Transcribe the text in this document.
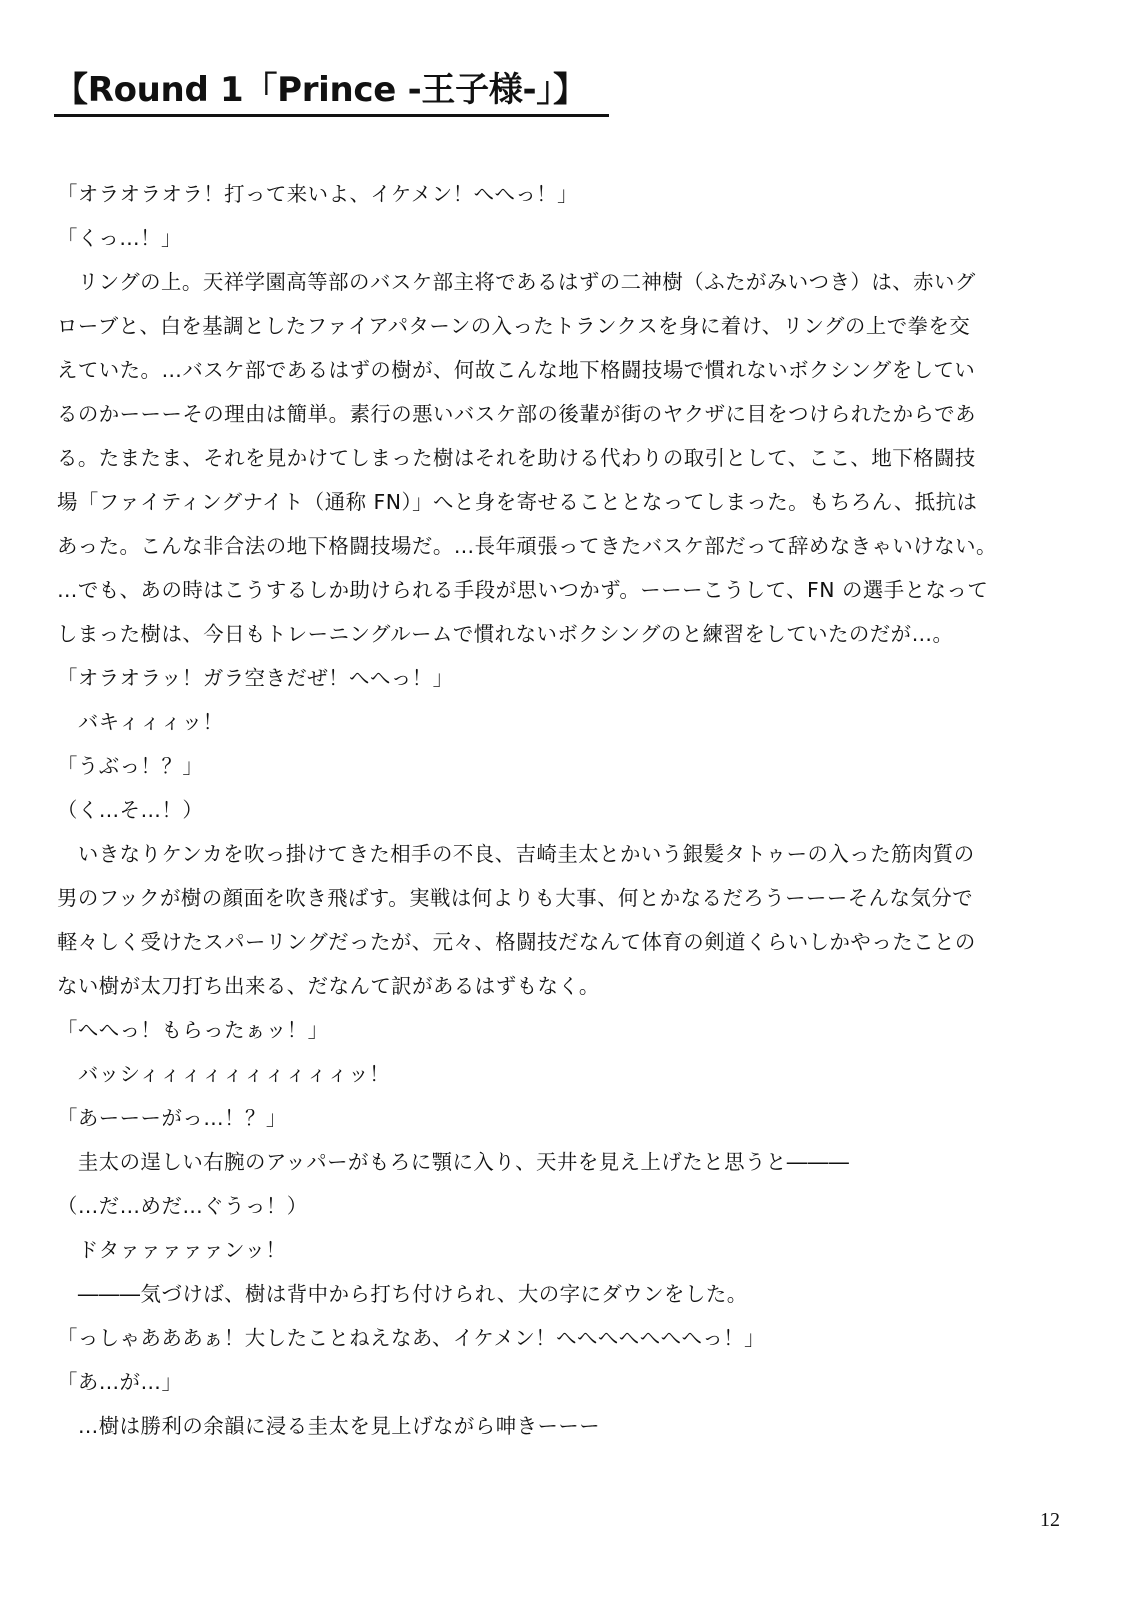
【Round 1「Prince -王子様-」】
「オラオラオラ！打って来いよ、イケメン！へへっ！」
「くっ…！」
　リングの上。天祥学園高等部のバスケ部主将であるはずの二神樹（ふたがみいつき）は、赤いグ
ローブと、白を基調としたファイアパターンの入ったトランクスを身に着け、リングの上で拳を交
えていた。…バスケ部であるはずの樹が、何故こんな地下格闘技場で慣れないボクシングをしてい
るのかーーーその理由は簡単。素行の悪いバスケ部の後輩が街のヤクザに目をつけられたからであ
る。たまたま、それを見かけてしまった樹はそれを助ける代わりの取引として、ここ、地下格闘技
場「ファイティングナイト（通称 FN）」へと身を寄せることとなってしまった。もちろん、抵抗は
あった。こんな非合法の地下格闘技場だ。…長年頑張ってきたバスケ部だって辞めなきゃいけない。
…でも、あの時はこうするしか助けられる手段が思いつかず。ーーーこうして、FN の選手となって
しまった樹は、今日もトレーニングルームで慣れないボクシングのと練習をしていたのだが…。
「オラオラッ！ガラ空きだぜ！へへっ！」
　バキィィィッ！
「うぶっ！？」
（く…そ…！）
　いきなりケンカを吹っ掛けてきた相手の不良、吉崎圭太とかいう銀髪タトゥーの入った筋肉質の
男のフックが樹の顔面を吹き飛ばす。実戦は何よりも大事、何とかなるだろうーーーそんな気分で
軽々しく受けたスパーリングだったが、元々、格闘技だなんて体育の剣道くらいしかやったことの
ない樹が太刀打ち出来る、だなんて訳があるはずもなく。
「へへっ！もらったぁッ！」
　バッシィィィィィィィィィィッ！
「あーーーがっ…！？」
　圭太の逞しい右腕のアッパーがもろに顎に入り、天井を見え上げたと思うと―――
（…だ…めだ…ぐうっ！）
　ドタァァァァァンッ！
　―――気づけば、樹は背中から打ち付けられ、大の字にダウンをした。
「っしゃあああぁ！大したことねえなあ、イケメン！へへへへへへへっ！」
「あ…が…」
　…樹は勝利の余韻に浸る圭太を見上げながら呻きーーー
12
